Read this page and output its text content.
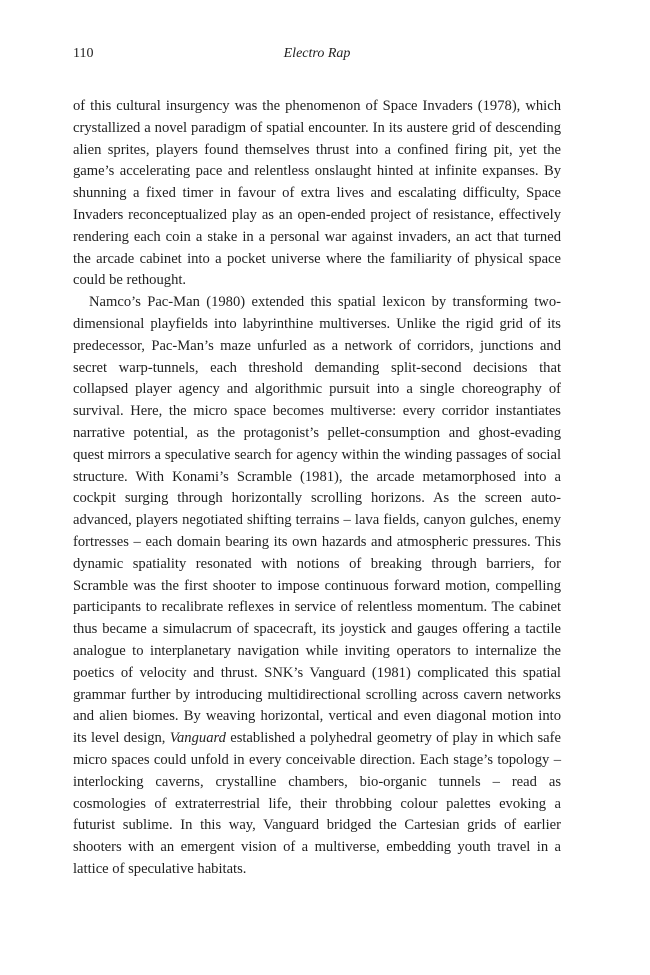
110	Electro Rap

of this cultural insurgency was the phenomenon of Space Invaders (1978), which crystallized a novel paradigm of spatial encounter. In its austere grid of descending alien sprites, players found themselves thrust into a confined firing pit, yet the game’s accelerating pace and relentless onslaught hinted at infinite expanses. By shunning a fixed timer in favour of extra lives and escalating difficulty, Space Invaders reconceptualized play as an open-ended project of resistance, effectively rendering each coin a stake in a personal war against invaders, an act that turned the arcade cabinet into a pocket universe where the familiarity of physical space could be rethought.

Namco’s Pac-Man (1980) extended this spatial lexicon by transforming two-dimensional playfields into labyrinthine multiverses. Unlike the rigid grid of its predecessor, Pac-Man’s maze unfurled as a network of corridors, junctions and secret warp-tunnels, each threshold demanding split-second decisions that collapsed player agency and algorithmic pursuit into a single choreography of survival. Here, the micro space becomes multiverse: every corridor instantiates narrative potential, as the protagonist’s pellet-consumption and ghost-evading quest mirrors a speculative search for agency within the winding passages of social structure. With Konami’s Scramble (1981), the arcade metamorphosed into a cockpit surging through horizontally scrolling horizons. As the screen auto-advanced, players negotiated shifting terrains – lava fields, canyon gulches, enemy fortresses – each domain bearing its own hazards and atmospheric pressures. This dynamic spatiality resonated with notions of breaking through barriers, for Scramble was the first shooter to impose continuous forward motion, compelling participants to recalibrate reflexes in service of relentless momentum. The cabinet thus became a simulacrum of spacecraft, its joystick and gauges offering a tactile analogue to interplanetary navigation while inviting operators to internalize the poetics of velocity and thrust. SNK’s Vanguard (1981) complicated this spatial grammar further by introducing multidirectional scrolling across cavern networks and alien biomes. By weaving horizontal, vertical and even diagonal motion into its level design, Vanguard established a polyhedral geometry of play in which safe micro spaces could unfold in every conceivable direction. Each stage’s topology – interlocking caverns, crystalline chambers, bio-organic tunnels – read as cosmologies of extraterrestrial life, their throbbing colour palettes evoking a futurist sublime. In this way, Vanguard bridged the Cartesian grids of earlier shooters with an emergent vision of a multiverse, embedding youth travel in a lattice of speculative habitats.
